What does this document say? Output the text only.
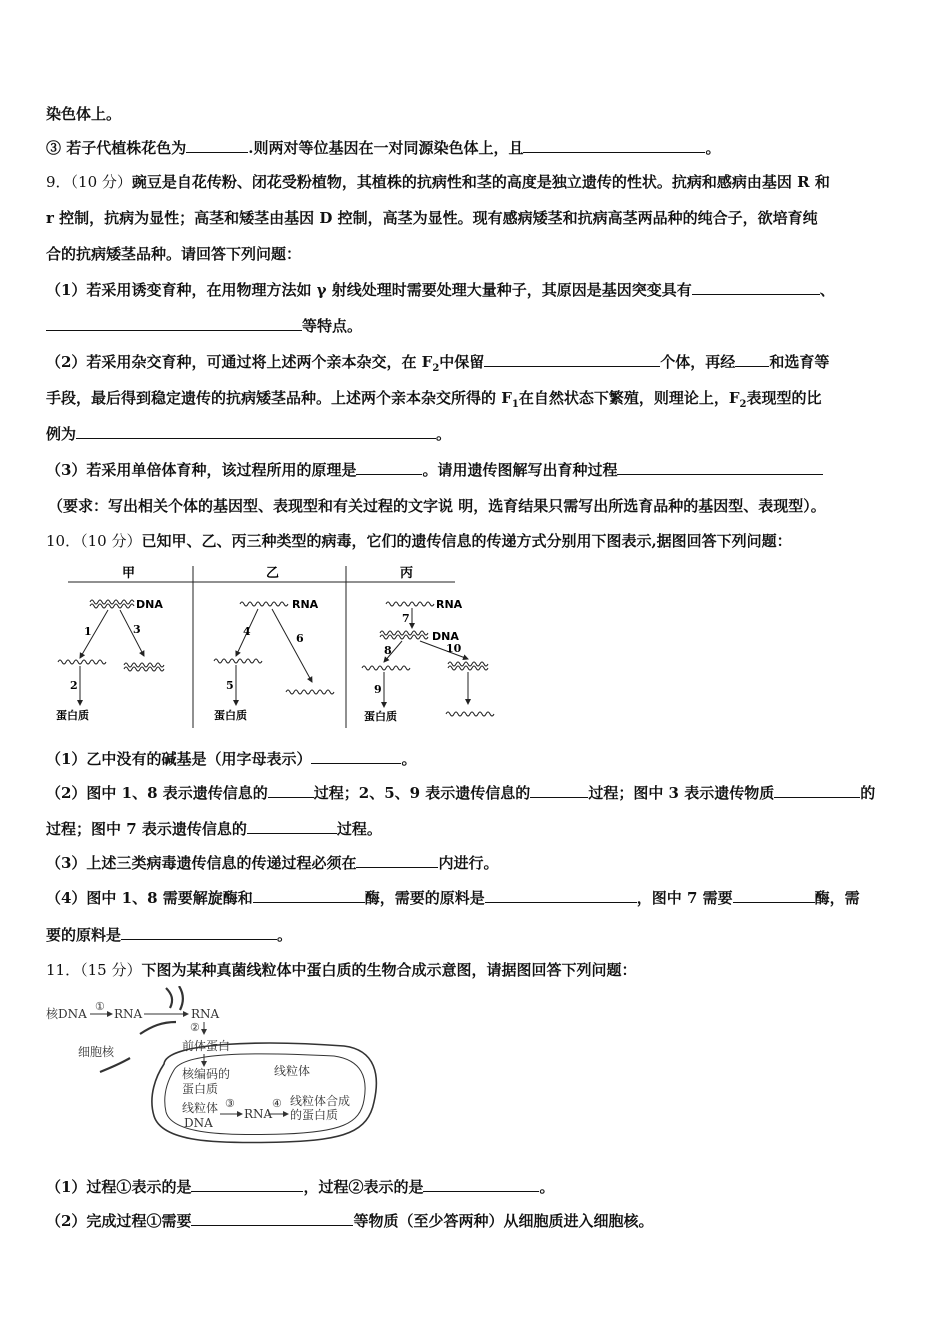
染色体上。
③ 若子代植株花色为	.则两对等位基因在一对同源染色体上，且	。
9．（10 分）豌豆是自花传粉、闭花受粉植物，其植株的抗病性和茎的高度是独立遗传的性状。抗病和感病由基因 R 和
r 控制，抗病为显性；高茎和矮茎由基因 D 控制，高茎为显性。现有感病矮茎和抗病高茎两品种的纯合子，欲培育纯
合的抗病矮茎品种。请回答下列问题：
（1）若采用诱变育种，在用物理方法如 γ 射线处理时需要处理大量种子，其原因是基因突变具有	、
等特点。
（2）若采用杂交育种，可通过将上述两个亲本杂交，在 $F_2$中保留	个体，再经 和选育等
手段，最后得到稳定遗传的抗病矮茎品种。上述两个亲本杂交所得的 $F_1$在自然状态下繁殖，则理论上，$F_2$表现型的比
例为	。
（3）若采用单倍体育种，该过程所用的原理是	。请用遗传图解写出育种过程
（要求：写出相关个体的基因型、表现型和有关过程的文字说 明，选育结果只需写出所选育品种的基因型、表现型）。
10．（10 分）已知甲、乙、丙三种类型的病毒，它们的遗传信息的传递方式分别用下图表示,据图回答下列问题：
甲	乙	丙
DNA
1	3
2
蛋白质
RNA
4
6
5
蛋白质
RNA
7
DNA
8	10
9
蛋白质
（1）乙中没有的碱基是（用字母表示）	。
（2）图中 1、8 表示遗传信息的	过程；2、5、9 表示遗传信息的	过程；图中 3 表示遗传物质	的
过程；图中 7 表示遗传信息的	过程。
（3）上述三类病毒遗传信息的传递过程必须在	内进行。
（4）图中 1、8 需要解旋酶和	酶，需要的原料是	，图中 7 需要	酶，需
要的原料是	。
11．（15 分）下图为某种真菌线粒体中蛋白质的生物合成示意图，请据图回答下列问题：
核DNA
①
RNA	RNA
②
前体蛋白
细胞核
线粒体
核编码的
蛋白质
线粒体
DNA
③
RNA
④ 线粒体合成
的蛋白质
（1）过程①表示的是	，过程②表示的是	。
（2）完成过程①需要	等物质（至少答两种）从细胞质进入细胞核。
